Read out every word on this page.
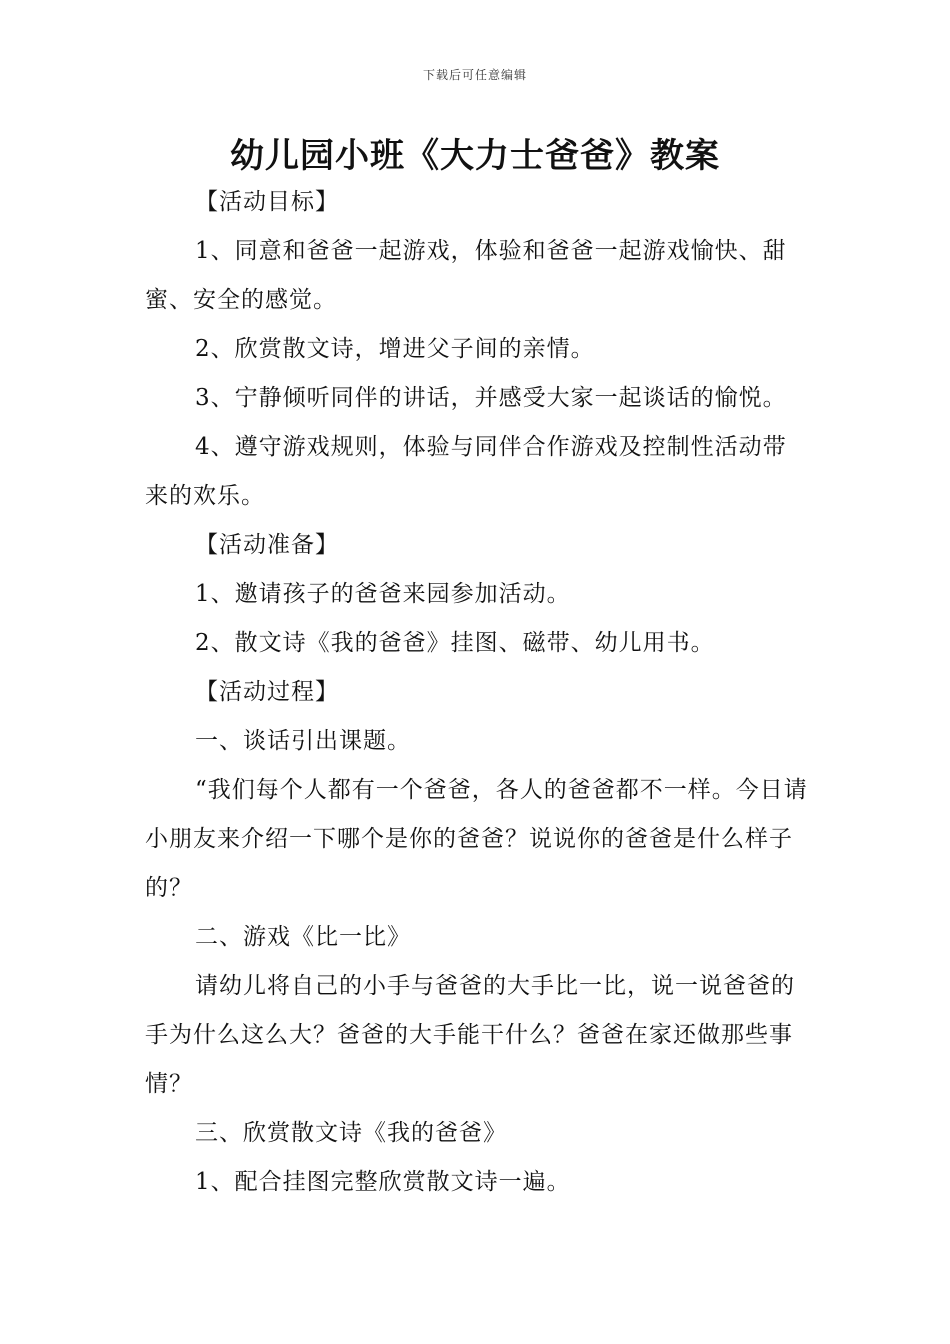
下载后可任意编辑
幼儿园小班《大力士爸爸》教案

【活动目标】

1、同意和爸爸一起游戏，体验和爸爸一起游戏愉快、甜蜜、安全的感觉。

2、欣赏散文诗，增进父子间的亲情。

3、宁静倾听同伴的讲话，并感受大家一起谈话的愉悦。

4、遵守游戏规则，体验与同伴合作游戏及控制性活动带来的欢乐。

【活动准备】

1、邀请孩子的爸爸来园参加活动。

2、散文诗《我的爸爸》挂图、磁带、幼儿用书。

【活动过程】

一、谈话引出课题。

“我们每个人都有一个爸爸，各人的爸爸都不一样。今日请小朋友来介绍一下哪个是你的爸爸？说说你的爸爸是什么样子的？

二、游戏《比一比》

请幼儿将自己的小手与爸爸的大手比一比，说一说爸爸的手为什么这么大？爸爸的大手能干什么？爸爸在家还做那些事情？

三、欣赏散文诗《我的爸爸》

1、配合挂图完整欣赏散文诗一遍。
